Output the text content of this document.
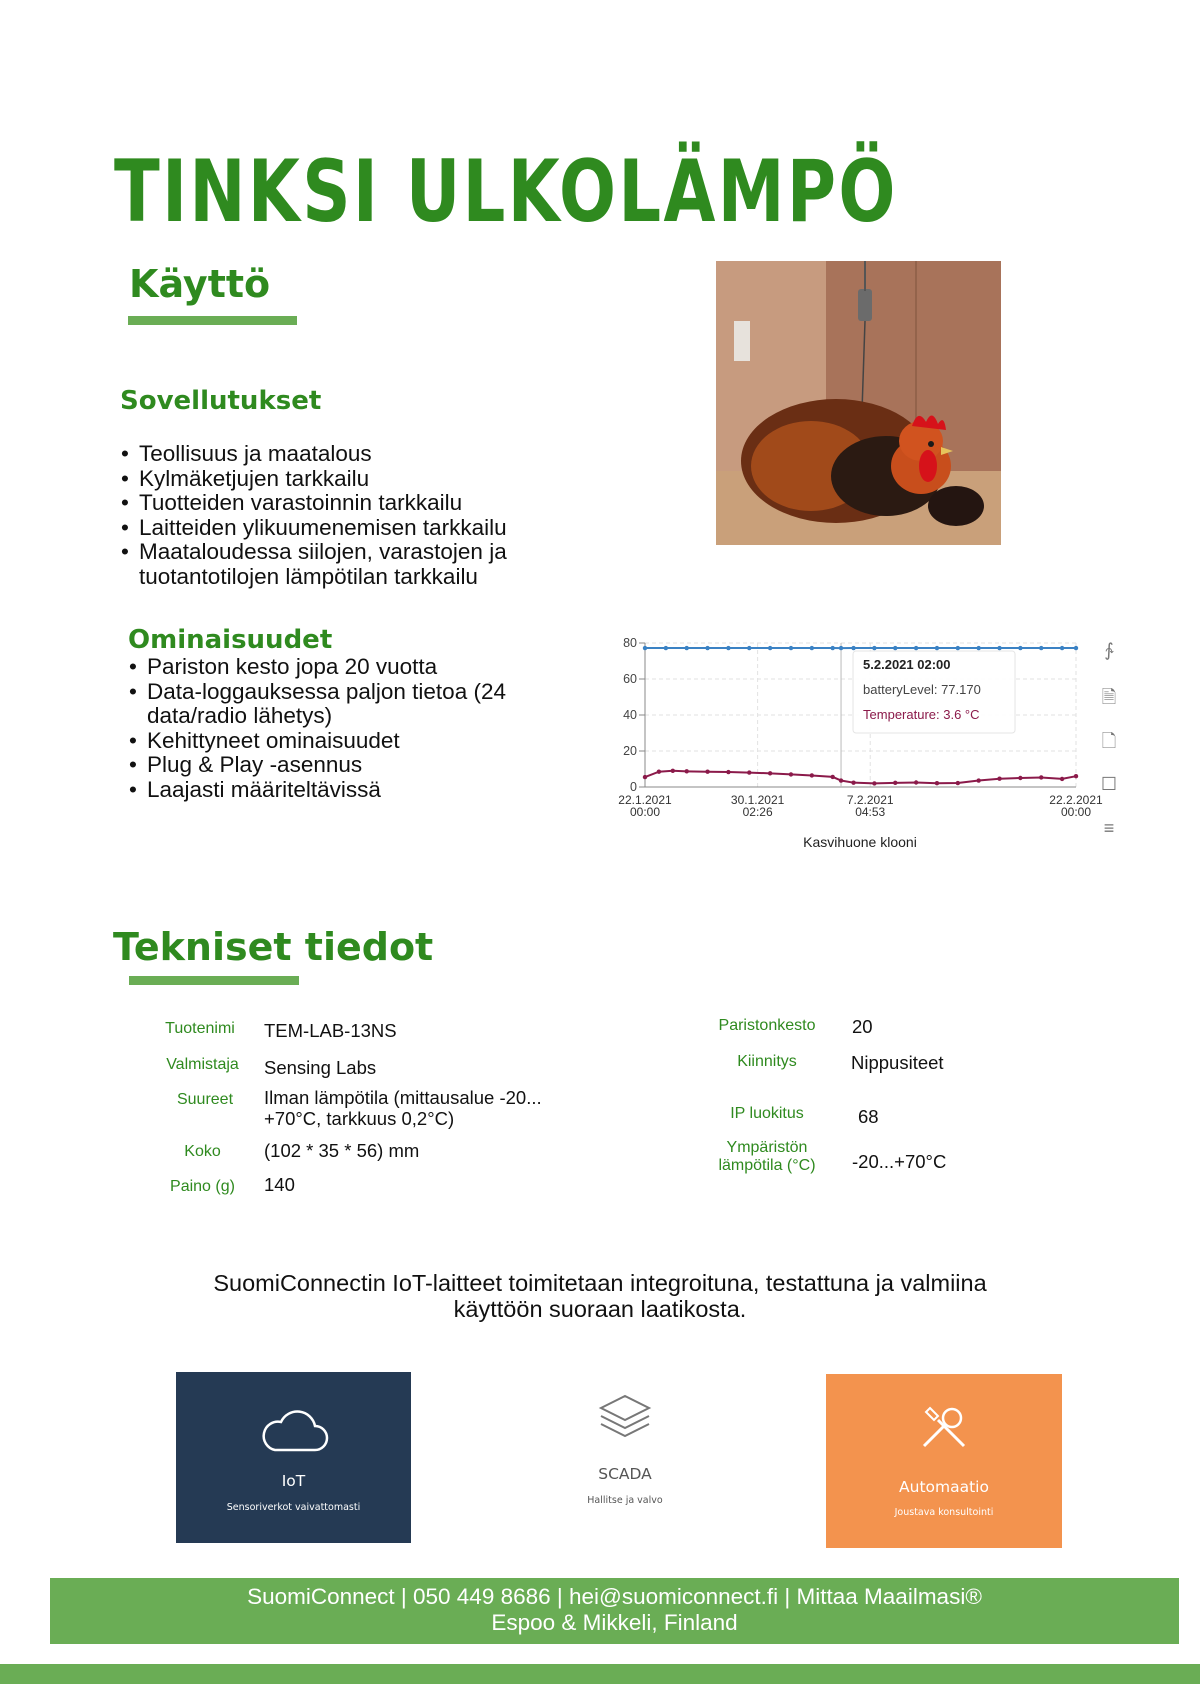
TINKSI ULKOLÄMPÖ
Käyttö
Sovellutukset
• Teollisuus ja maatalous
• Kylmäketjujen tarkkailu
• Tuotteiden varastoinnin tarkkailu
• Laitteiden ylikuumenemisen tarkkailu
• Maataloudessa siilojen, varastojen ja tuotantotilojen lämpötilan tarkkailu
Ominaisuudet
• Pariston kesto jopa 20 vuotta
• Data-loggauksessa paljon tietoa (24 data/radio lähetys)
• Kehittyneet ominaisuudet
• Plug & Play -asennus
• Laajasti määriteltävissä	0
20
40
60
80
22.1.2021 00:00
30.1.2021 02:26
7.2.2021 04:53
22.2.2021 00:00
5.2.2021 02:00
batteryLevel: 77.170
Temperature: 3.6 °C
Kasvihuone klooni
∱
🗎
🗋
☐
≡
Tekniset tiedot
Tuotenimi	TEM-LAB-13NS
Valmistaja	Sensing Labs
Suureet	Ilman lämpötila (mittausalue -20... +70°C, tarkkuus 0,2°C)
Koko	(102 * 35 * 56) mm
Paino (g)	140
Paristonkesto	20
Kiinnitys	Nippusiteet
IP luokitus	68
Ympäristön lämpötila (°C)	-20...+70°C
SuomiConnectin IoT-laitteet toimitetaan integroituna, testattuna ja valmiina käyttöön suoraan laatikosta.
IoT
Sensoriverkot vaivattomasti
SCADA
Hallitse ja valvo
Automaatio
Joustava konsultointi
SuomiConnect | 050 449 8686 | hei@suomiconnect.fi | Mittaa Maailmasi®
Espoo & Mikkeli, Finland
